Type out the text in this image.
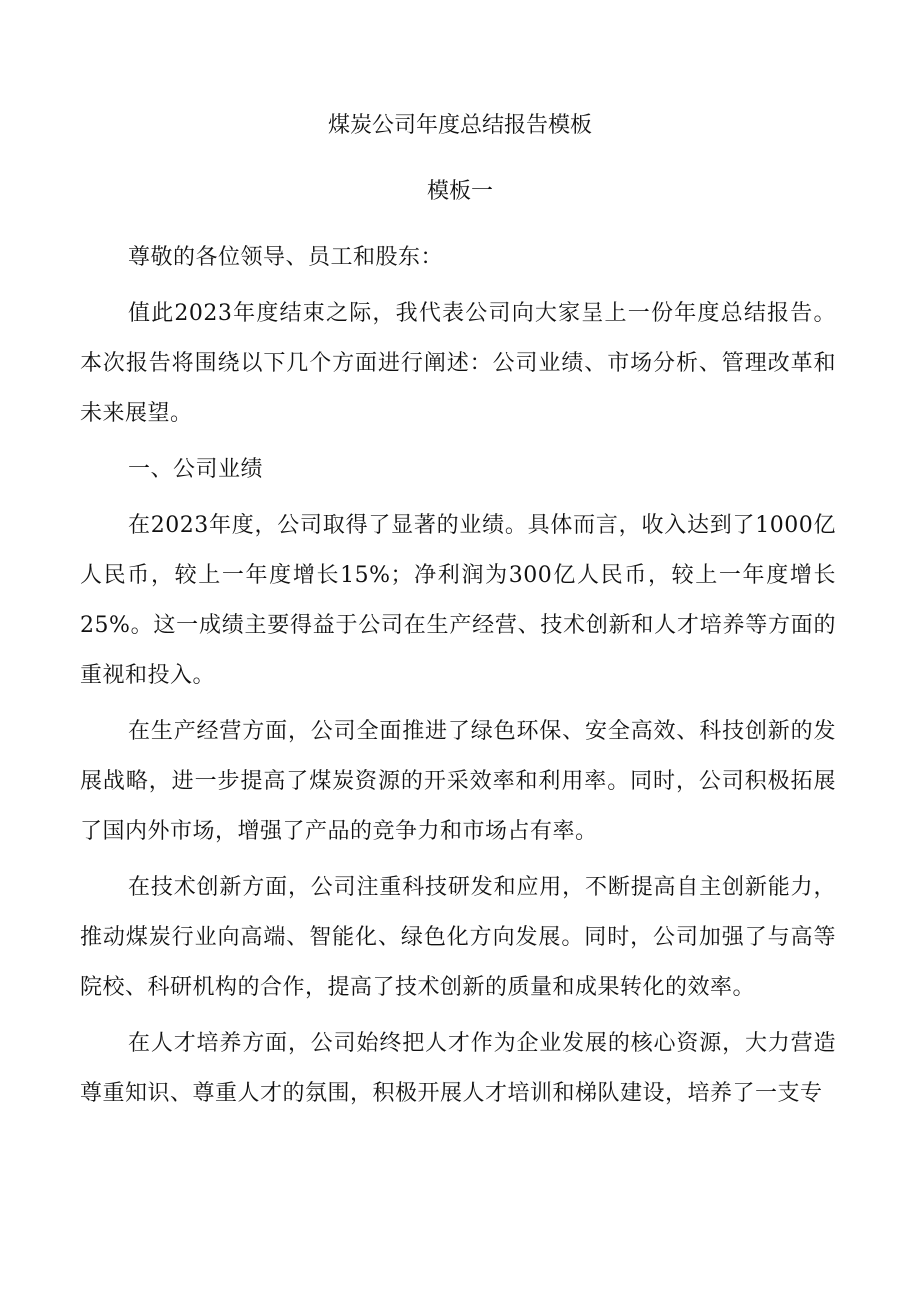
煤炭公司年度总结报告模板
模板一

尊敬的各位领导、员工和股东：

值此2023年度结束之际，我代表公司向大家呈上一份年度总结报告。本次报告将围绕以下几个方面进行阐述：公司业绩、市场分析、管理改革和未来展望。

一、公司业绩

在2023年度，公司取得了显著的业绩。具体而言，收入达到了1000亿人民币，较上一年度增长15%；净利润为300亿人民币，较上一年度增长25%。这一成绩主要得益于公司在生产经营、技术创新和人才培养等方面的重视和投入。

在生产经营方面，公司全面推进了绿色环保、安全高效、科技创新的发展战略，进一步提高了煤炭资源的开采效率和利用率。同时，公司积极拓展了国内外市场，增强了产品的竞争力和市场占有率。

在技术创新方面，公司注重科技研发和应用，不断提高自主创新能力，推动煤炭行业向高端、智能化、绿色化方向发展。同时，公司加强了与高等院校、科研机构的合作，提高了技术创新的质量和成果转化的效率。

在人才培养方面，公司始终把人才作为企业发展的核心资源，大力营造尊重知识、尊重人才的氛围，积极开展人才培训和梯队建设，培养了一支专
